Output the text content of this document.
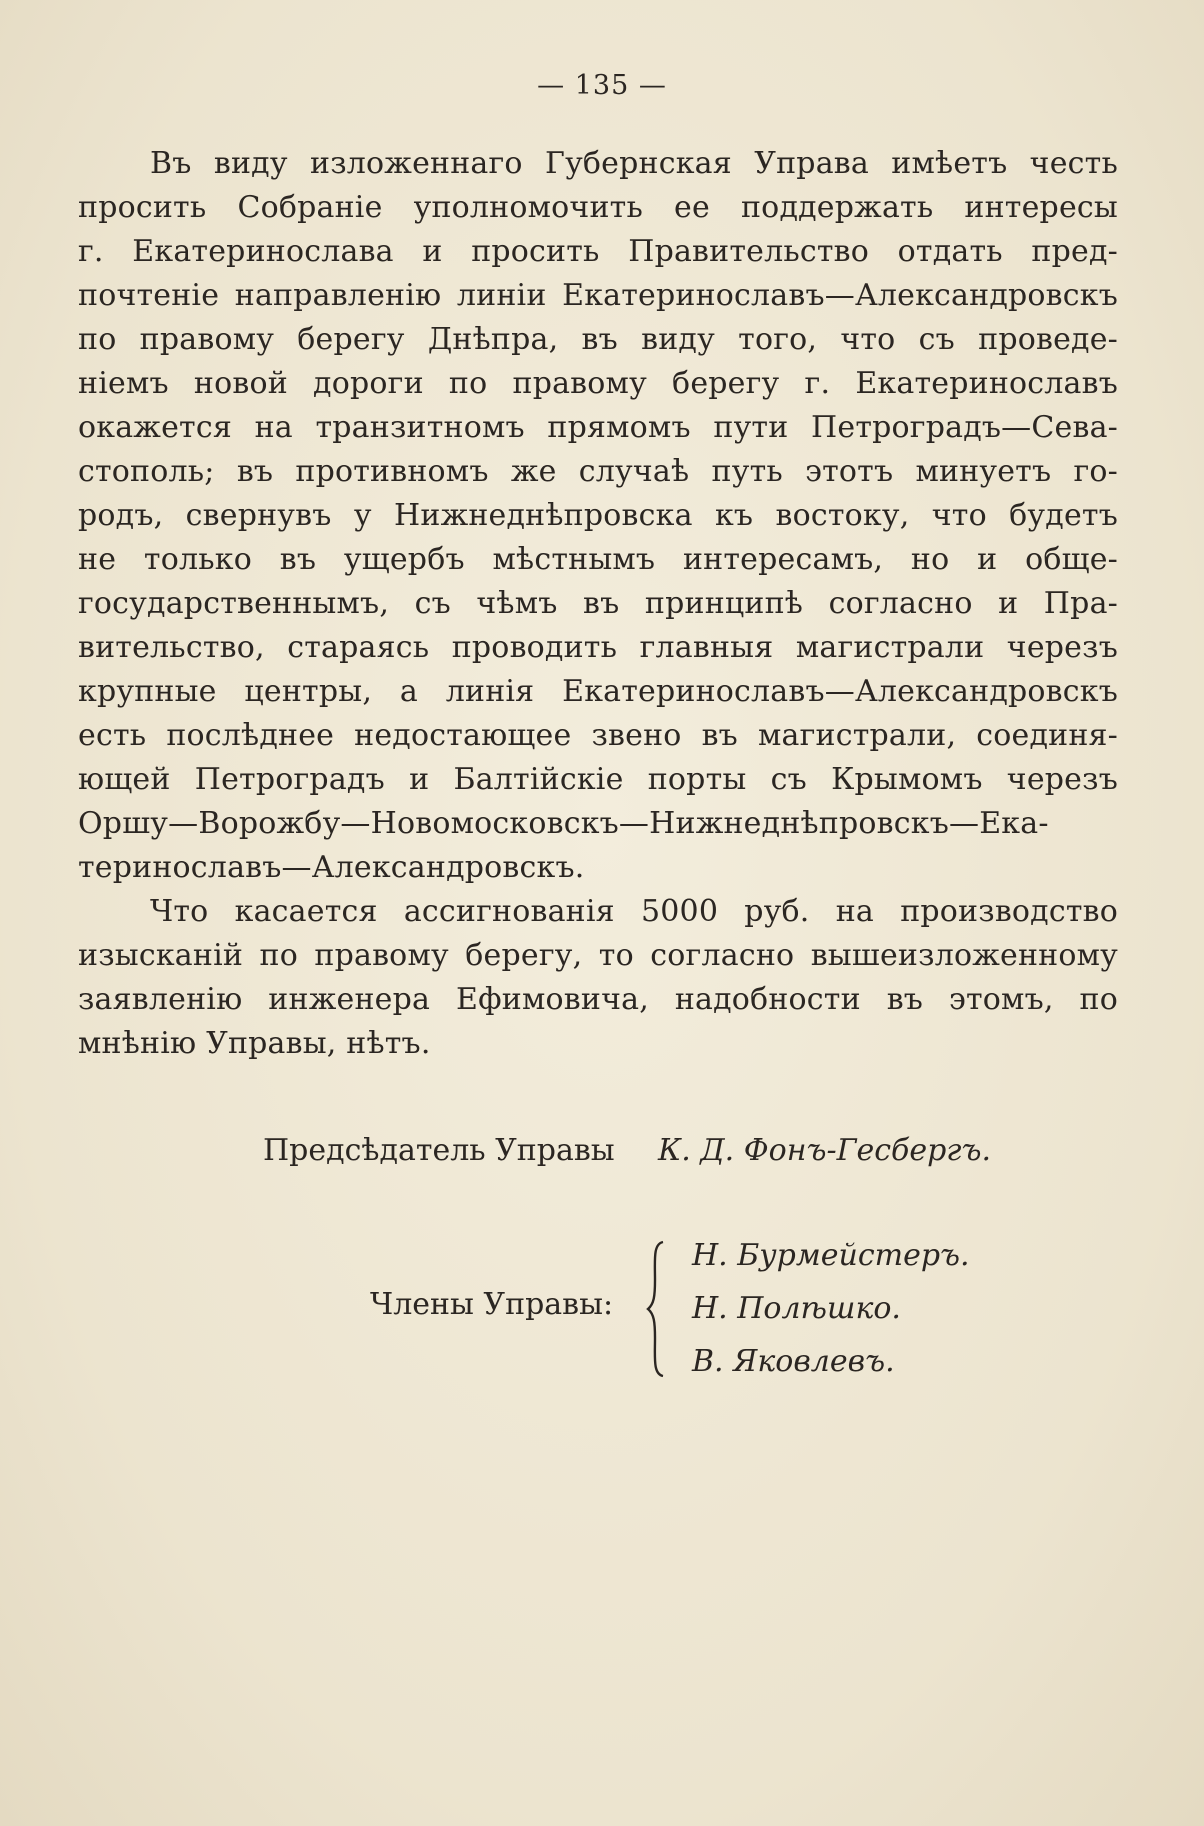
— 135 —
Въ виду изложеннаго Губернская Управа имѣетъ честь
просить Собраніе уполномочить ее поддержать интересы
г. Екатеринослава и просить Правительство отдать пред-
почтеніе направленію линіи Екатеринославъ—Александровскъ
по правому берегу Днѣпра, въ виду того, что съ проведе-
ніемъ новой дороги по правому берегу г. Екатеринославъ
окажется на транзитномъ прямомъ пути Петроградъ—Сева-
стополь; въ противномъ же случаѣ путь этотъ минуетъ го-
родъ, свернувъ у Нижнеднѣпровска къ востоку, что будетъ
не только въ ущербъ мѣстнымъ интересамъ, но и обще-
государственнымъ, съ чѣмъ въ принципѣ согласно и Пра-
вительство, стараясь проводить главныя магистрали черезъ
крупные центры, а линія Екатеринославъ—Александровскъ
есть послѣднее недостающее звено въ магистрали, соединя-
ющей Петроградъ и Балтійскіе порты съ Крымомъ черезъ
Оршу—Ворожбу—Новомосковскъ—Нижнеднѣпровскъ—Ека-
теринославъ—Александровскъ.
Что касается ассигнованія 5000 руб. на производство
изысканій по правому берегу, то согласно вышеизложенному
заявленію инженера Ефимовича, надобности въ этомъ, по
мнѣнію Управы, нѣтъ.
Предсѣдатель Управы К. Д. Фонъ-Гесбергъ.
Члены Управы:
Н. Бурмейстеръ.
Н. Полѣшко.
В. Яковлевъ.
